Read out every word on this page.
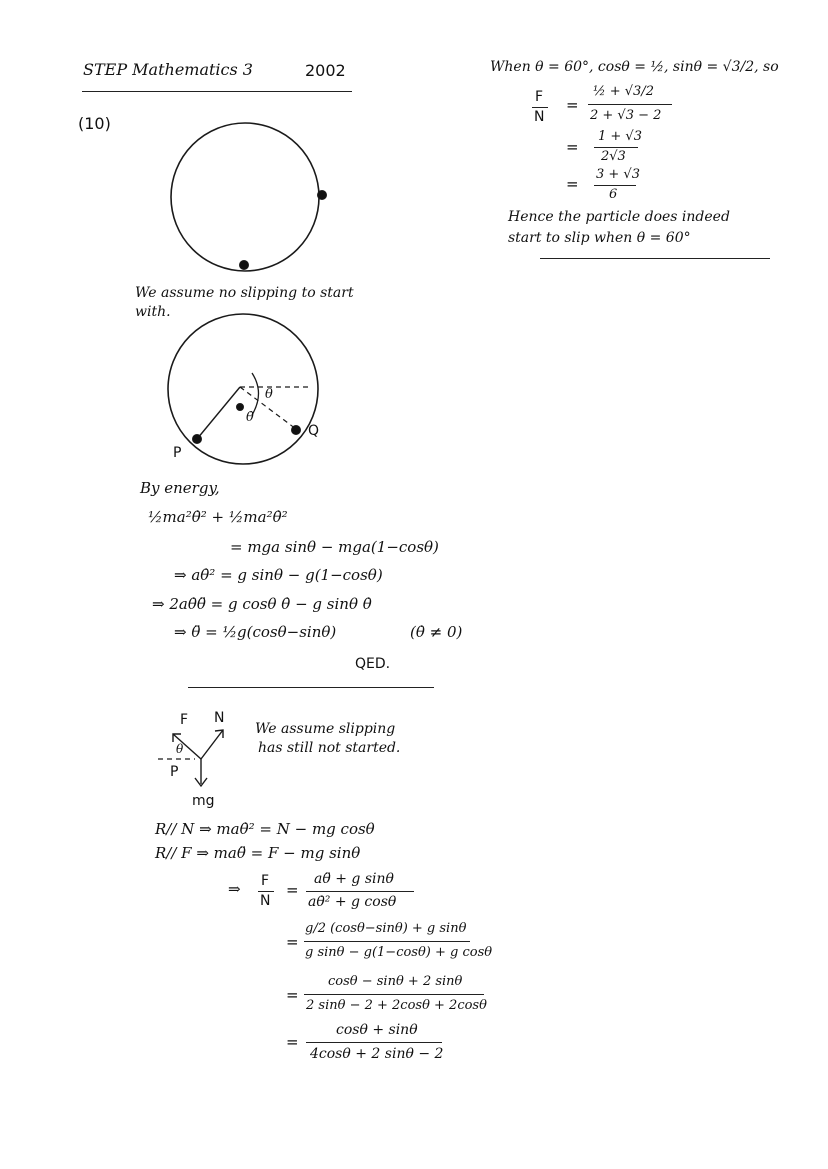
STEP Mathematics 3	2002
(10)
We assume no slipping to start
with.
θ
θ̇
P
Q
By energy,
½ma²θ̇² + ½ma²θ̇²
= mga sinθ − mga(1−cosθ)
⇒ aθ̇² = g sinθ − g(1−cosθ)
⇒ 2aθ̇θ̈ = g cosθ θ̇ − g sinθ θ̇
⇒ θ̈ = ½g(cosθ−sinθ)	(θ̇ ≠ 0)
QED.
F N
θ
P
mg
We assume slipping
has still not started.
R// N ⇒ maθ̇² = N − mg cosθ
R// F ⇒ maθ̈ = F − mg sinθ
⇒ F
N
=
aθ̈ + g sinθ
aθ̇² + g cosθ
=
g/2 (cosθ−sinθ) + g sinθ
g sinθ − g(1−cosθ) + g cosθ
=
cosθ − sinθ + 2 sinθ
2 sinθ − 2 + 2cosθ + 2cosθ
=
cosθ + sinθ
4cosθ + 2 sinθ − 2
When θ = 60°, cosθ = ½, sinθ = √3/2, so
F
N
=
½ + √3/2
2 + √3 − 2
=
1 + √3
2√3
=
3 + √3
6
Hence the particle does indeed
start to slip when θ = 60°
